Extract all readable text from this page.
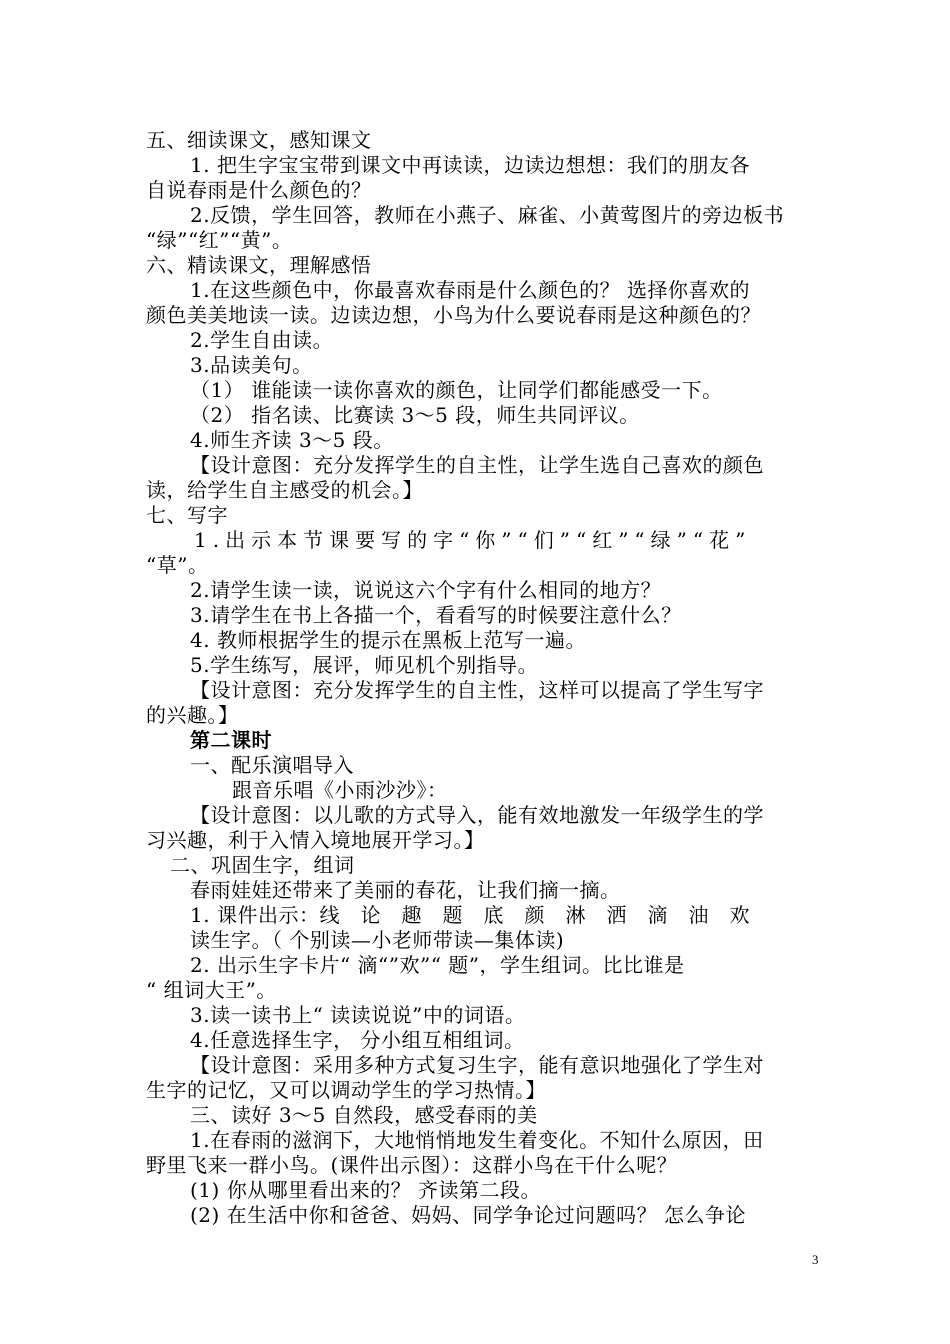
五、细读课文，感知课文
1. 把生字宝宝带到课文中再读读，边读边想想：我们的朋友各
自说春雨是什么颜色的？
2.反馈，学生回答，教师在小燕子、麻雀、小黄莺图片的旁边板书
“绿”“红”“黄”。
六、精读课文，理解感悟
1.在这些颜色中，你最喜欢春雨是什么颜色的？ 选择你喜欢的
颜色美美地读一读。边读边想，小鸟为什么要说春雨是这种颜色的？
2.学生自由读。
3.品读美句。
（1） 谁能读一读你喜欢的颜色，让同学们都能感受一下。
（2） 指名读、比赛读 3～5 段，师生共同评议。
4.师生齐读 3～5 段。
【设计意图：充分发挥学生的自主性，让学生选自己喜欢的颜色
读，给学生自主感受的机会。】
七、写字
1.出示本节课要写的字“你”“们”“红”“绿”“花”
“草”。
2.请学生读一读，说说这六个字有什么相同的地方？
3.请学生在书上各描一个，看看写的时候要注意什么？
4. 教师根据学生的提示在黑板上范写一遍。
5.学生练写，展评，师见机个别指导。
【设计意图：充分发挥学生的自主性，这样可以提高了学生写字
的兴趣。】
第二课时
一、配乐演唱导入
跟音乐唱《小雨沙沙》：
【设计意图：以儿歌的方式导入，能有效地激发一年级学生的学
习兴趣，利于入情入境地展开学习。】
二、巩固生字，组词
春雨娃娃还带来了美丽的春花，让我们摘一摘。
1. 课件出示：线　论　趣　题　底　颜　淋　洒　滴　油　欢
读生字。（ 个别读—小老师带读—集体读)
2. 出示生字卡片“ 滴“”欢”“ 题”，学生组词。比比谁是
“ 组词大王”。
3.读一读书上“ 读读说说”中的词语。
4.任意选择生字， 分小组互相组词。
【设计意图：采用多种方式复习生字，能有意识地强化了学生对
生字的记忆，又可以调动学生的学习热情。】
三、读好 3～5 自然段，感受春雨的美
1.在春雨的滋润下，大地悄悄地发生着变化。不知什么原因，田
野里飞来一群小鸟。(课件出示图）：这群小鸟在干什么呢？
(1) 你从哪里看出来的？ 齐读第二段。
(2) 在生活中你和爸爸、妈妈、同学争论过问题吗？ 怎么争论
3
